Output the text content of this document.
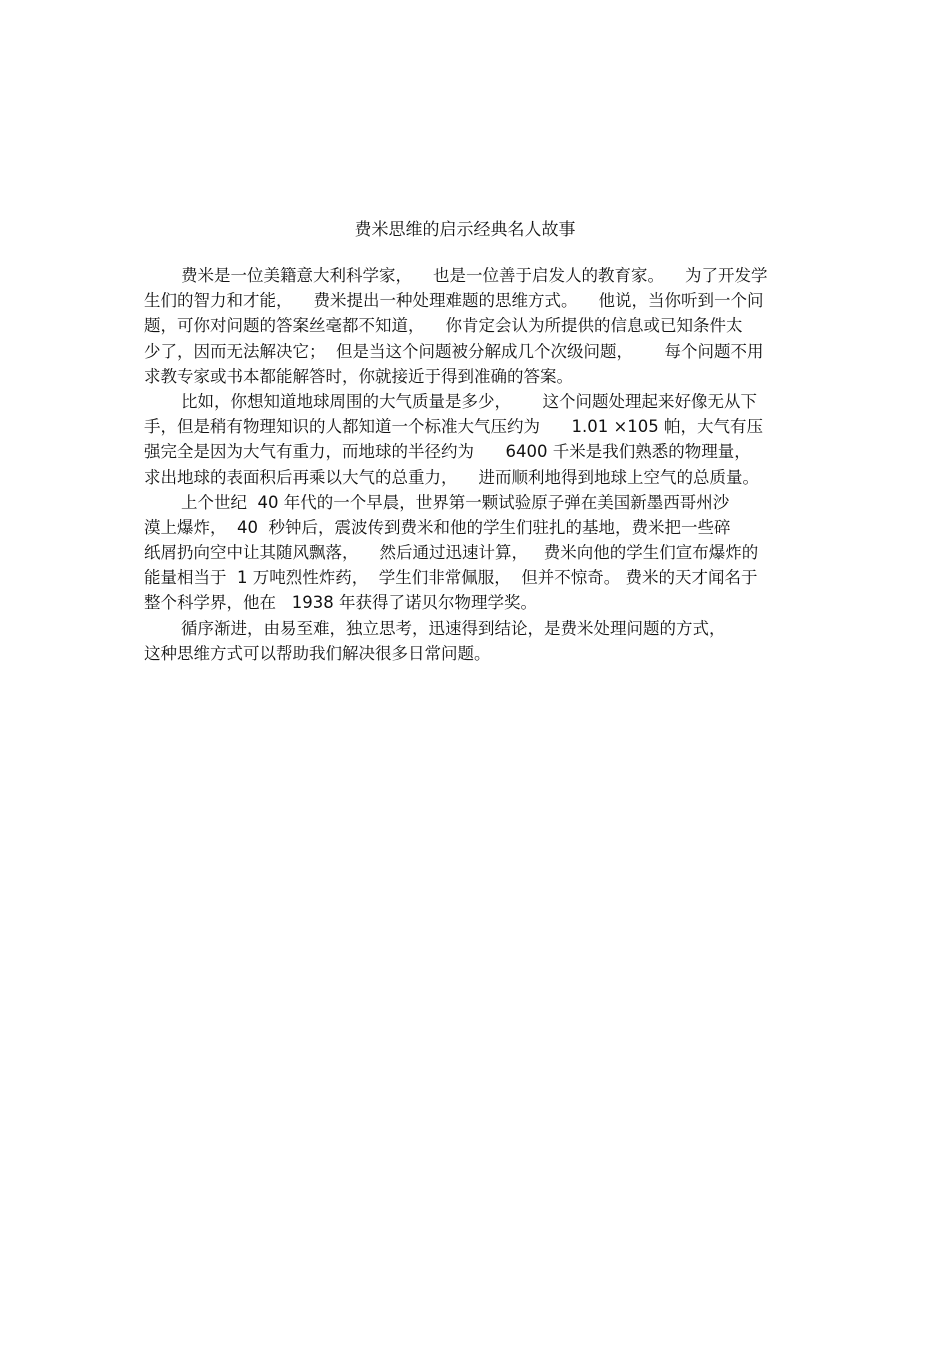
费米思维的启示经典名人故事
费米是一位美籍意大利科学家，    也是一位善于启发人的教育家。    为了开发学
生们的智力和才能，    费米提出一种处理难题的思维方式。    他说，当你听到一个问
题，可你对问题的答案丝毫都不知道，    你肯定会认为所提供的信息或已知条件太
少了，因而无法解决它；  但是当这个问题被分解成几个次级问题，      每个问题不用
求教专家或书本都能解答时，你就接近于得到准确的答案。
比如，你想知道地球周围的大气质量是多少，      这个问题处理起来好像无从下
手，但是稍有物理知识的人都知道一个标准大气压约为      1.01 ×105 帕，大气有压
强完全是因为大气有重力，而地球的半径约为      6400 千米是我们熟悉的物理量，
求出地球的表面积后再乘以大气的总重力，    进而顺利地得到地球上空气的总质量。
上个世纪  40 年代的一个早晨，世界第一颗试验原子弹在美国新墨西哥州沙
漠上爆炸，  40  秒钟后，震波传到费米和他的学生们驻扎的基地，费米把一些碎
纸屑扔向空中让其随风飘落，    然后通过迅速计算，   费米向他的学生们宣布爆炸的
能量相当于  1 万吨烈性炸药，  学生们非常佩服，  但并不惊奇。 费米的天才闻名于
整个科学界，他在   1938 年获得了诺贝尔物理学奖。
循序渐进，由易至难，独立思考，迅速得到结论，是费米处理问题的方式，
这种思维方式可以帮助我们解决很多日常问题。
